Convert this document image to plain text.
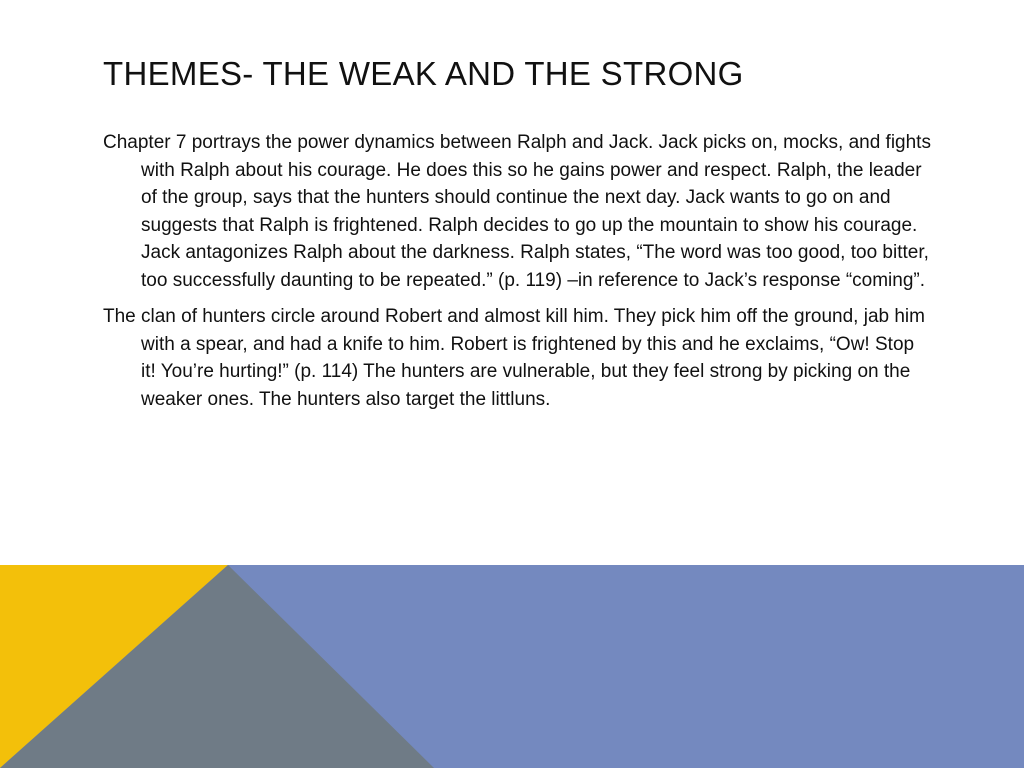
THEMES- THE WEAK AND THE STRONG

Chapter 7 portrays the power dynamics between Ralph and Jack. Jack picks on, mocks, and fights with Ralph about his courage. He does this so he gains power and respect. Ralph, the leader of the group, says that the hunters should continue the next day. Jack wants to go on and suggests that Ralph is frightened. Ralph decides to go up the mountain to show his courage. Jack antagonizes Ralph about the darkness. Ralph states, “The word was too good, too bitter, too successfully daunting to be repeated.” (p. 119) –in reference to Jack’s response “coming”.

The clan of hunters circle around Robert and almost kill him. They pick him off the ground, jab him with a spear, and had a knife to him. Robert is frightened by this and he exclaims, “Ow! Stop it! You’re hurting!” (p. 114) The hunters are vulnerable, but they feel strong by picking on the weaker ones. The hunters also target the littluns.
